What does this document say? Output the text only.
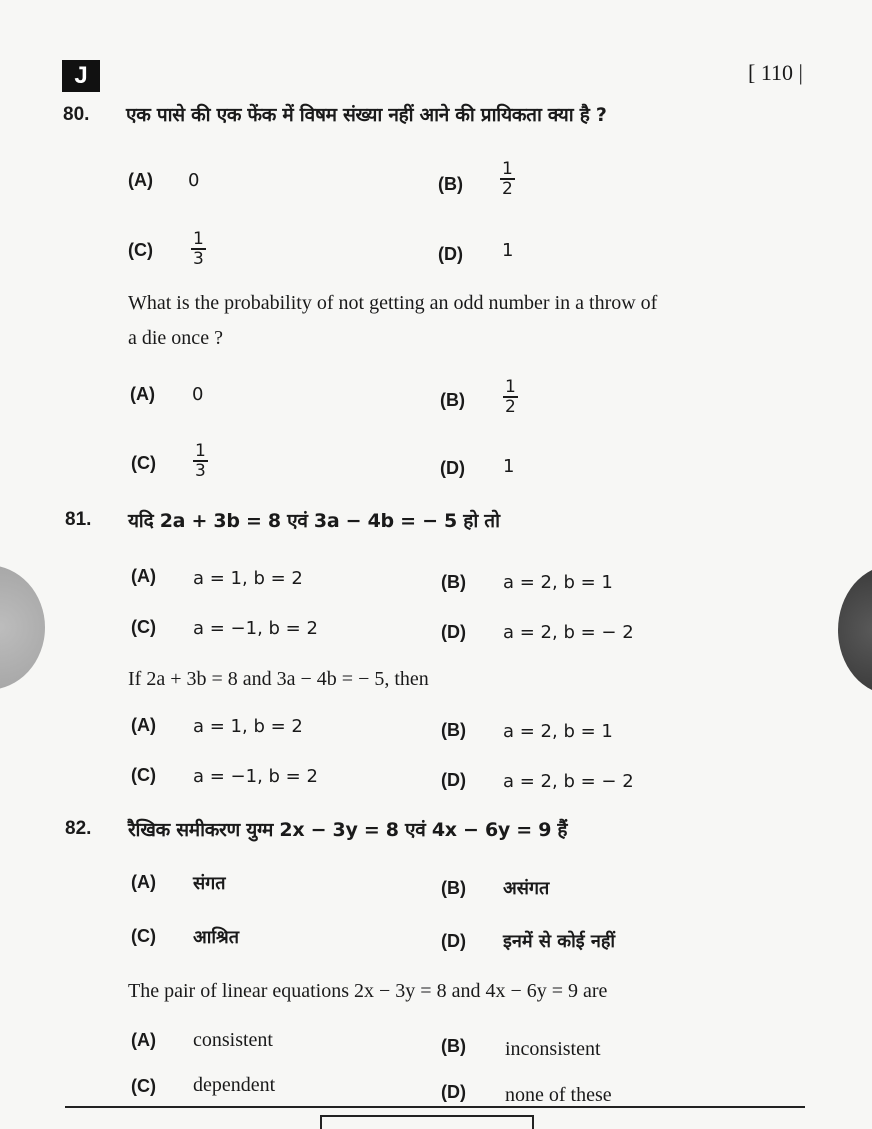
J	[ 110 |
80. एक पासे की एक फेंक में विषम संख्या नहीं आने की प्रायिकता क्या है ?
(A) 0	$(B) \frac{1}{2}$
$(C) \frac{1}{3}$	(D) 1
What is the probability of not getting an odd number in a throw of
a die once ?
(A) 0	$(B) \frac{1}{2}$
$(C) \frac{1}{3}$	(D) 1
81. यदि 2a + 3b = 8 एवं 3a − 4b = − 5 हो तो
(A) a = 1, b = 2	(B) a = 2, b = 1
(C) a = −1, b = 2	(D) a = 2, b = − 2
If 2a + 3b = 8 and 3a − 4b = − 5, then
(A) a = 1, b = 2	(B) a = 2, b = 1
(C) a = −1, b = 2	(D) a = 2, b = − 2
82. रैखिक समीकरण युग्म 2x − 3y = 8 एवं 4x − 6y = 9 हैं
(A) संगत	(B) असंगत
(C) आश्रित	(D) इनमें से कोई नहीं
The pair of linear equations 2x − 3y = 8 and 4x − 6y = 9 are
(A) consistent	(B) inconsistent
(C) dependent	(D) none of these
